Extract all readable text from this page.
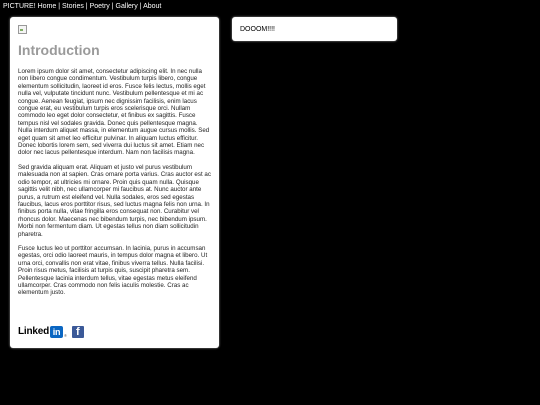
PICTURE! Home | Stories | Poetry | Gallery | About
Introduction

Lorem ipsum dolor sit amet, consectetur adipiscing elit. In nec nulla non libero congue condimentum. Vestibulum turpis libero, congue elementum sollicitudin, laoreet id eros. Fusce felis lectus, mollis eget nulla vel, vulputate tincidunt nunc. Vestibulum pellentesque et mi ac congue. Aenean feugiat, ipsum nec dignissim facilisis, enim lacus congue erat, eu vestibulum turpis eros scelerisque orci. Nullam commodo leo eget dolor consectetur, et finibus ex sagittis. Fusce tempus nisl vel sodales gravida. Donec quis pellentesque magna. Nulla interdum aliquet massa, in elementum augue cursus mollis. Sed eget quam sit amet leo efficitur pulvinar. In aliquam luctus efficitur. Donec lobortis lorem sem, sed viverra dui luctus sit amet. Etiam nec dolor nec lacus pellentesque interdum. Nam non facilisis magna.

Sed gravida aliquam erat. Aliquam et justo vel purus vestibulum malesuada non at sapien. Cras ornare porta varius. Cras auctor est ac odio tempor, at ultricies mi ornare. Proin quis quam nulla. Quisque sagittis velit nibh, nec ullamcorper mi faucibus at. Nunc auctor ante purus, a rutrum est eleifend vel. Nulla sodales, eros sed egestas faucibus, lacus eros porttitor risus, sed luctus magna felis non urna. In finibus porta nulla, vitae fringilla eros consequat non. Curabitur vel rhoncus dolor. Maecenas nec bibendum turpis, nec bibendum ipsum. Morbi non fermentum diam. Ut egestas tellus non diam sollicitudin pharetra.

Fusce luctus leo ut porttitor accumsan. In lacinia, purus in accumsan egestas, orci odio laoreet mauris, in tempus dolor magna et libero. Ut urna orci, convallis non erat vitae, finibus viverra tellus. Nulla facilisi. Proin risus metus, facilisis at turpis quis, suscipit pharetra sem. Pellentesque lacinia interdum tellus, vitae egestas metus eleifend ullamcorper. Cras commodo non felis iaculis molestie. Cras ac elementum justo.

Linked in ® f
DOOOM!!!!
